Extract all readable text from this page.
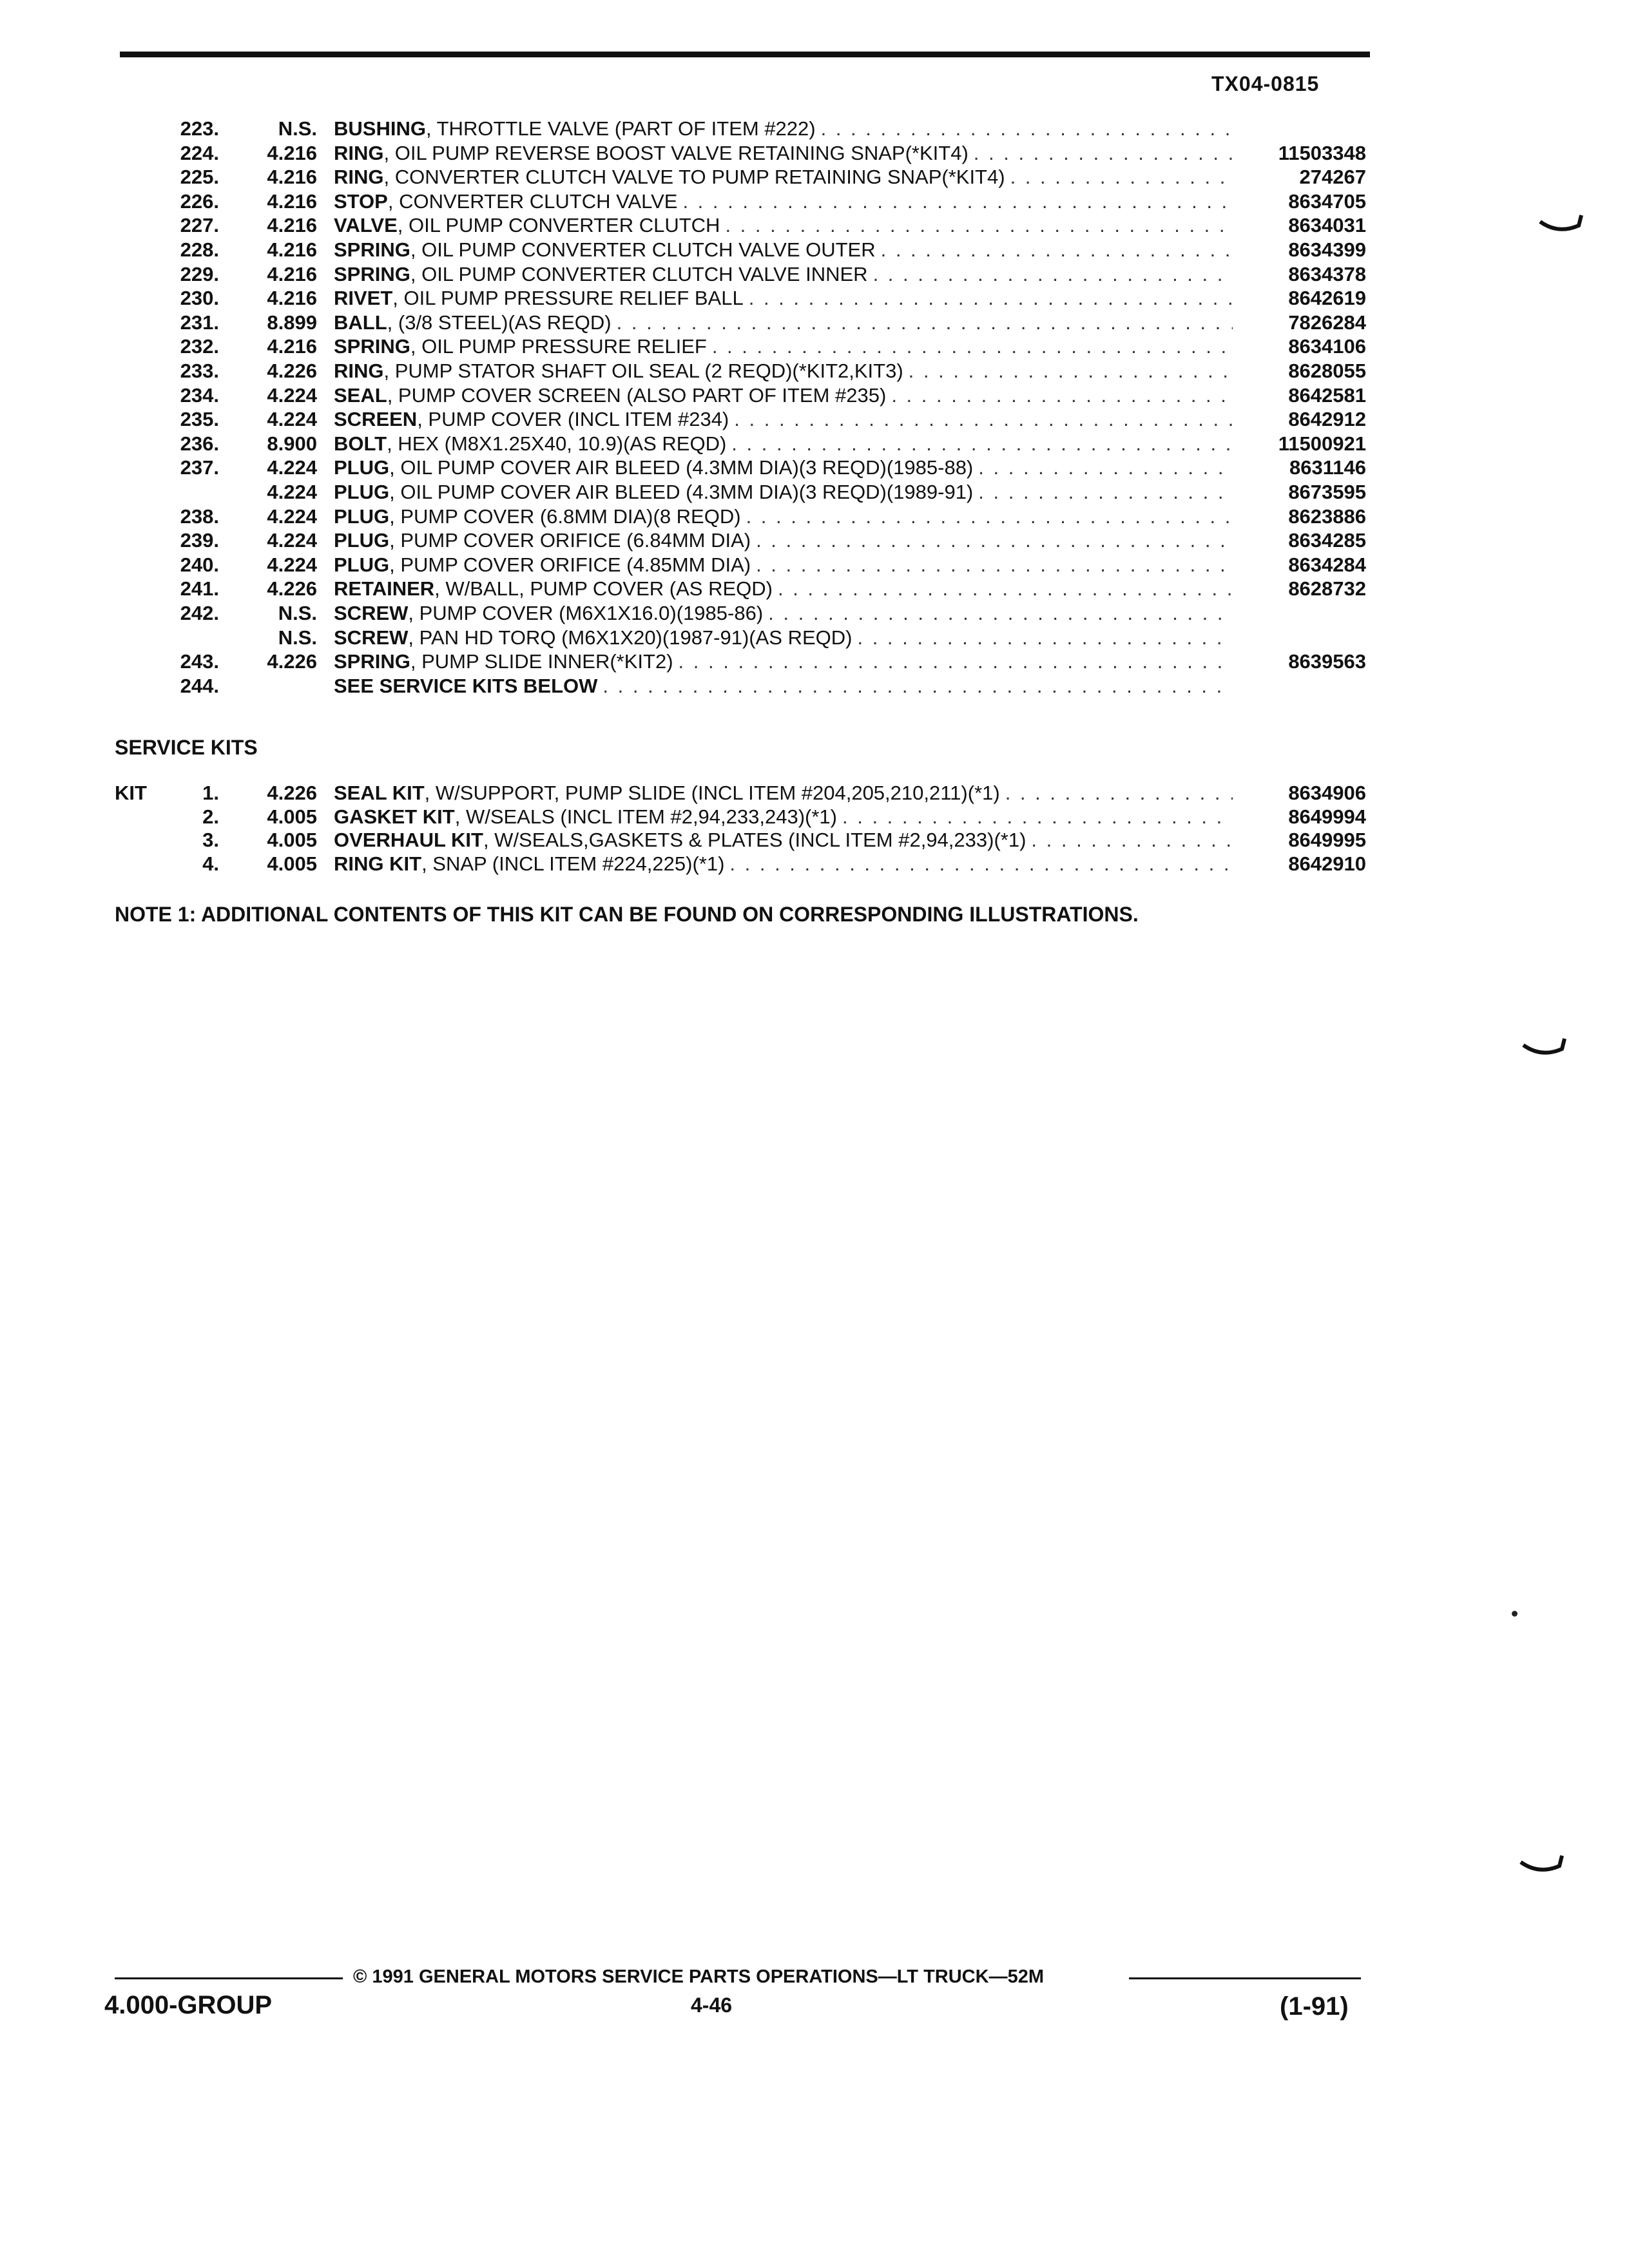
TX04-0815
223.	N.S. BUSHING, THROTTLE VALVE (PART OF ITEM #222)
. . .
224.	4.216 RING, OIL PUMP REVERSE BOOST VALVE RETAINING SNAP(*KIT4) . . .	11503348
225.	4.216 RING, CONVERTER CLUTCH VALVE TO PUMP RETAINING SNAP(*KIT4) . . .	274267
226.	4.216 STOP, CONVERTER CLUTCH VALVE . . .	8634705
227.	4.216 VALVE, OIL PUMP CONVERTER CLUTCH . . .	8634031
228.	4.216 SPRING, OIL PUMP CONVERTER CLUTCH VALVE OUTER . . .	8634399
229.	4.216 SPRING, OIL PUMP CONVERTER CLUTCH VALVE INNER . . .	8634378
230.	4.216 RIVET, OIL PUMP PRESSURE RELIEF BALL . . .	8642619
231.	8.899 BALL, (3/8 STEEL)(AS REQD) . . .	7826284
232.	4.216 SPRING, OIL PUMP PRESSURE RELIEF . . .	8634106
233.	4.226 RING, PUMP STATOR SHAFT OIL SEAL (2 REQD)(*KIT2,KIT3) . . .	8628055
234.	4.224 SEAL, PUMP COVER SCREEN (ALSO PART OF ITEM #235) . . .	8642581
235.	4.224 SCREEN, PUMP COVER (INCL ITEM #234) . . .	8642912
236.	8.900 BOLT, HEX (M8X1.25X40, 10.9)(AS REQD) . . .	11500921
237.	4.224 PLUG, OIL PUMP COVER AIR BLEED (4.3MM DIA)(3 REQD)(1985-88) . . .	8631146
4.224 PLUG, OIL PUMP COVER AIR BLEED (4.3MM DIA)(3 REQD)(1989-91) . . .	8673595
238.	4.224 PLUG, PUMP COVER (6.8MM DIA)(8 REQD) . . .	8623886
239.	4.224 PLUG, PUMP COVER ORIFICE (6.84MM DIA) . . .	8634285
240.	4.224 PLUG, PUMP COVER ORIFICE (4.85MM DIA) . . .	8634284
241.	4.226 RETAINER, W/BALL, PUMP COVER (AS REQD) . . .	8628732
242.	N.S. SCREW, PUMP COVER (M6X1X16.0)(1985-86)
. . .
N.S. SCREW, PAN HD TORQ (M6X1X20)(1987-91)(AS REQD)
. . .
243.	4.226 SPRING, PUMP SLIDE INNER(*KIT2) . . .	8639563
244.	SEE SERVICE KITS BELOW
. . .
SERVICE KITS
KIT	1.	4.226 SEAL KIT, W/SUPPORT, PUMP SLIDE (INCL ITEM #204,205,210,211)(*1) . . .	8634906
2.	4.005 GASKET KIT, W/SEALS (INCL ITEM #2,94,233,243)(*1) . . .	8649994
3.	4.005 OVERHAUL KIT, W/SEALS,GASKETS & PLATES (INCL ITEM #2,94,233)(*1) . . .	8649995
4.	4.005 RING KIT, SNAP (INCL ITEM #224,225)(*1) . . .	8642910
NOTE 1: ADDITIONAL CONTENTS OF THIS KIT CAN BE FOUND ON CORRESPONDING ILLUSTRATIONS.
© 1991 GENERAL MOTORS SERVICE PARTS OPERATIONS—LT TRUCK—52M
4.000-GROUP	4-46	(1-91)
